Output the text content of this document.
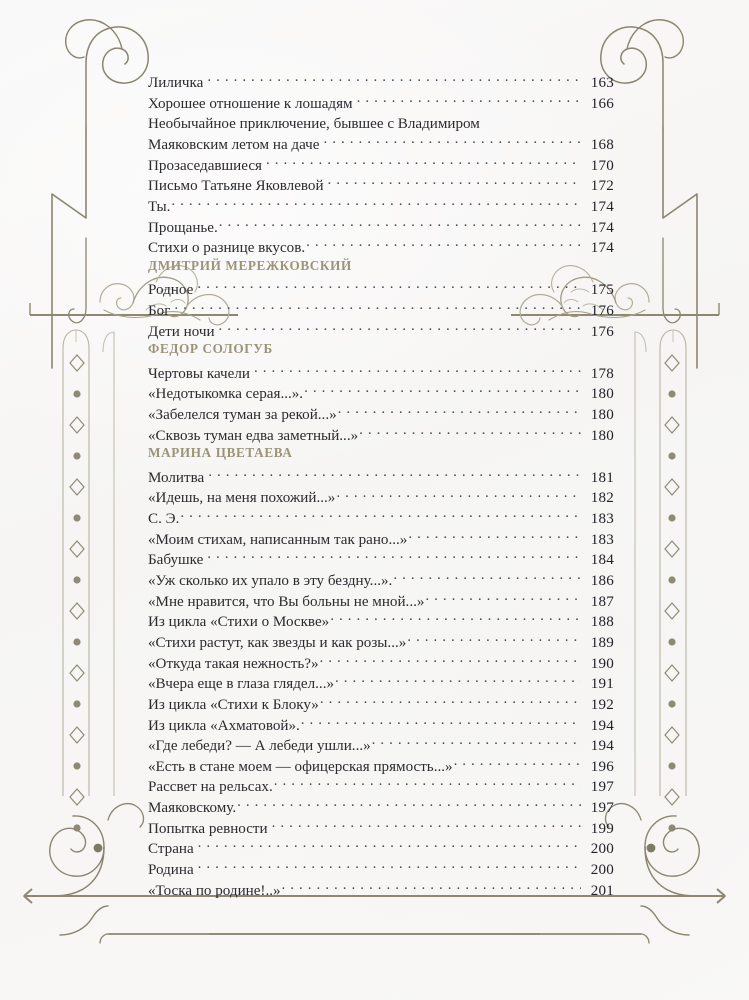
Лиличка . . .	163
Хорошее отношение к лошадям . . .	166
Необычайное приключение, бывшее с Владимиром
Маяковским летом на даче . . .	168
Прозаседавшиеся . . .	170
Письмо Татьяне Яковлевой . . .	172
Ты. . . .	174
Прощанье. . . .	174
Стихи о разнице вкусов. . . .	174
ДМИТРИЙ МЕРЕЖКОВСКИЙ
Родное . . .	175
Бог . . .	176
Дети ночи . . .	176
ФЕДОР СОЛОГУБ
Чертовы качели . . .	178
«Недотыкомка серая...». . . .	180
«Забелелся туман за рекой...» . . .	180
«Сквозь туман едва заметный...» . . .	180
МАРИНА ЦВЕТАЕВА
Молитва . . .	181
«Идешь, на меня похожий...» . . .	182
С. Э. . . .	183
«Моим стихам, написанным так рано...» . . .	183
Бабушке . . .	184
«Уж сколько их упало в эту бездну...». . . .	186
«Мне нравится, что Вы больны не мной...» . . .	187
Из цикла «Стихи о Москве» . . .	188
«Стихи растут, как звезды и как розы...» . . .	189
«Откуда такая нежность?» . . .	190
«Вчера еще в глаза глядел...» . . .	191
Из цикла «Стихи к Блоку» . . .	192
Из цикла «Ахматовой». . . .	194
«Где лебеди? — А лебеди ушли...» . . .	194
«Есть в стане моем — офицерская прямость...» . . .	196
Рассвет на рельсах. . . .	197
Маяковскому. . . .	197
Попытка ревности . . .	199
Страна . . .	200
Родина . . .	200
«Тоска по родине!..» . . .	201
